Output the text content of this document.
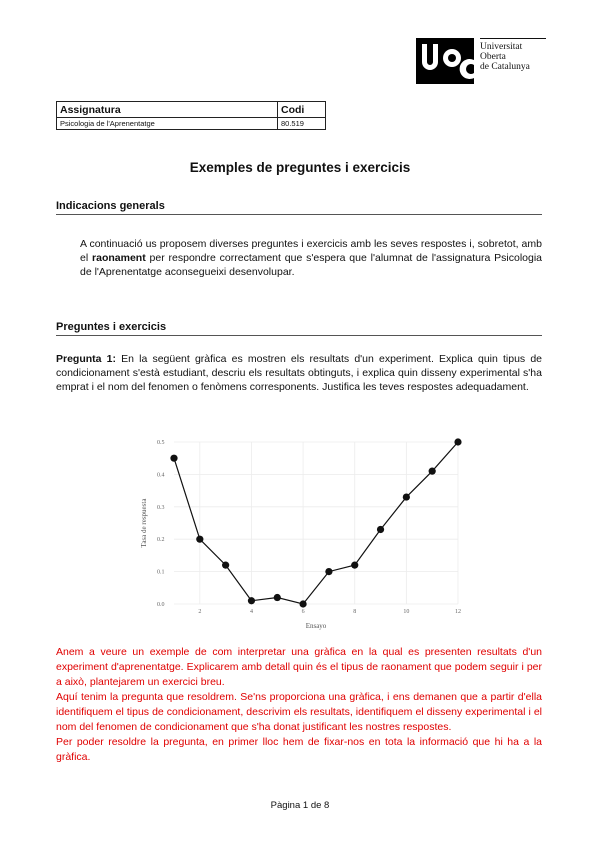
Universitat
Oberta
de Catalunya
Assignatura	Codi
Psicologia de l'Aprenentatge	80.519
Exemples de preguntes i exercicis
Indicacions generals
A continuació us proposem diverses preguntes i exercicis amb les seves respostes i, sobretot, amb el raonament per respondre correctament que s'espera que l'alumnat de l'assignatura Psicologia de l'Aprenentatge aconsegueixi desenvolupar.
Preguntes i exercicis
Pregunta 1: En la següent gràfica es mostren els resultats d'un experiment. Explica quin tipus de condicionament s'està estudiant, descriu els resultats obtinguts, i explica quin disseny experimental s'ha emprat i el nom del fenomen o fenòmens corresponents. Justifica les teves respostes adequadament.
0.0
0.1
0.2
0.3
0.4
0.5
2	4	6	8	10	12
Ensayo
Tasa de respuesta

Anem a veure un exemple de com interpretar una gràfica en la qual es presenten resultats d'un experiment d'aprenentatge. Explicarem amb detall quin és el tipus de raonament que podem seguir i per a això, plantejarem un exercici breu.

Aquí tenim la pregunta que resoldrem. Se'ns proporciona una gràfica, i ens demanen que a partir d'ella identifiquem el tipus de condicionament, descrivim els resultats, identifiquem el disseny experimental i el nom del fenomen de condicionament que s'ha donat justificant les nostres respostes.

Per poder resoldre la pregunta, en primer lloc hem de fixar-nos en tota la informació que hi ha a la gràfica.

Pàgina 1 de 8
